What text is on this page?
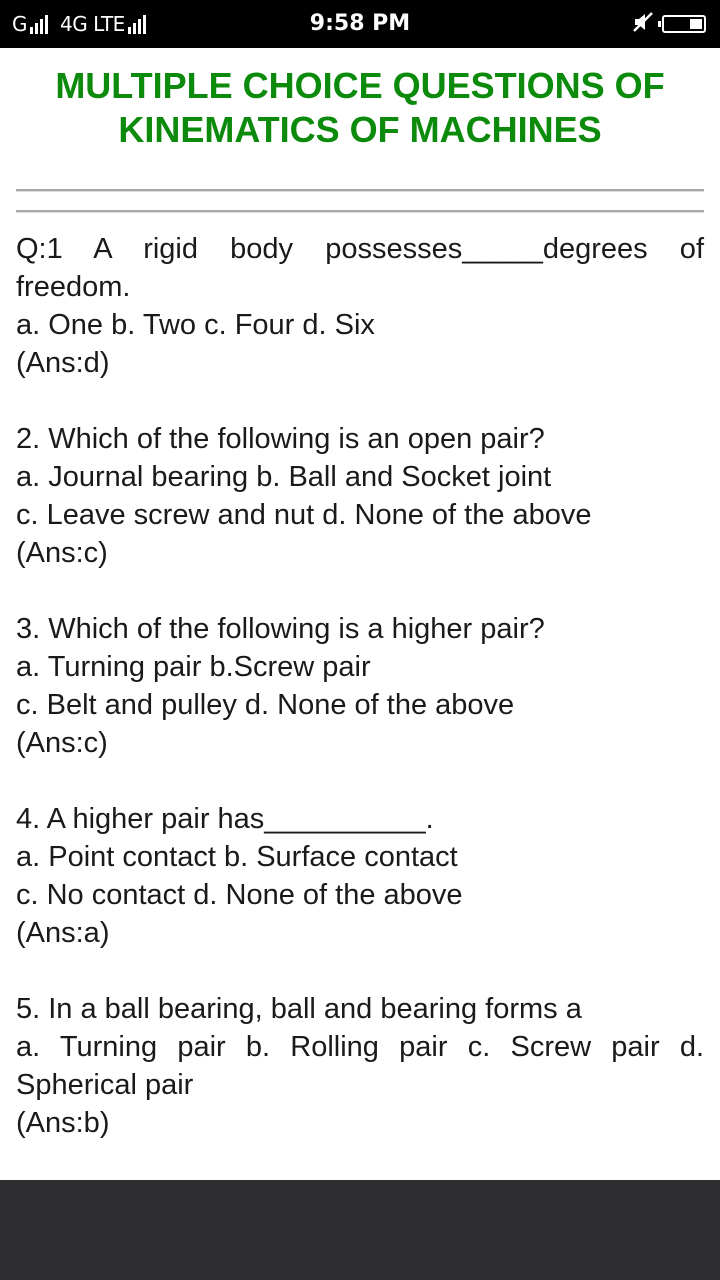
G 4G LTE	9:58 PM
MULTIPLE CHOICE QUESTIONS OF KINEMATICS OF MACHINES

Q:1 A rigid body possesses_____degrees of freedom.

a. One b. Two c. Four d. Six

(Ans:d)

2. Which of the following is an open pair?

a. Journal bearing b. Ball and Socket joint

c. Leave screw and nut d. None of the above

(Ans:c)

3. Which of the following is a higher pair?

a. Turning pair b.Screw pair

c. Belt and pulley d. None of the above

(Ans:c)

4. A higher pair has__________.

a. Point contact b. Surface contact

c. No contact d. None of the above

(Ans:a)

5. In a ball bearing, ball and bearing forms a

a. Turning pair b. Rolling pair c. Screw pair d. Spherical pair

(Ans:b)
